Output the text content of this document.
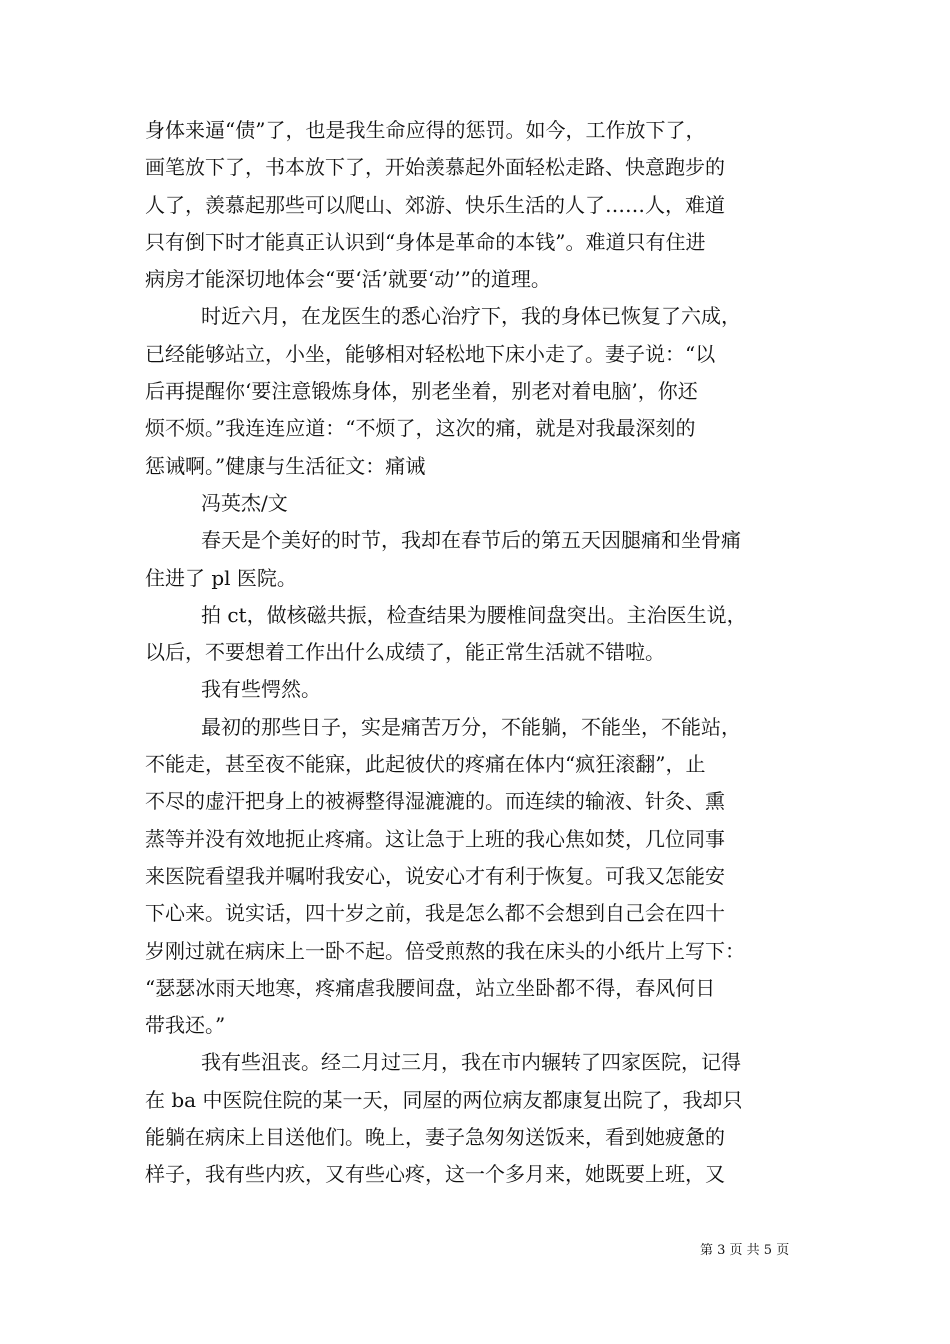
身体来逼“债”了，也是我生命应得的惩罚。如今，工作放下了，
画笔放下了，书本放下了，开始羡慕起外面轻松走路、快意跑步的
人了，羡慕起那些可以爬山、郊游、快乐生活的人了……人，难道
只有倒下时才能真正认识到“身体是革命的本钱”。难道只有住进
病房才能深切地体会“要‘活’就要‘动’”的道理。
时近六月，在龙医生的悉心治疗下，我的身体已恢复了六成，
已经能够站立，小坐，能够相对轻松地下床小走了。妻子说：“以
后再提醒你‘要注意锻炼身体，别老坐着，别老对着电脑’，你还
烦不烦。”我连连应道：“不烦了，这次的痛，就是对我最深刻的
惩诫啊。”健康与生活征文：痛诫
冯英杰/文
春天是个美好的时节，我却在春节后的第五天因腿痛和坐骨痛
住进了 pl 医院。
拍 ct，做核磁共振，检查结果为腰椎间盘突出。主治医生说，
以后，不要想着工作出什么成绩了，能正常生活就不错啦。
我有些愕然。
最初的那些日子，实是痛苦万分，不能躺，不能坐，不能站，
不能走，甚至夜不能寐，此起彼伏的疼痛在体内“疯狂滚翻”，止
不尽的虚汗把身上的被褥整得湿漉漉的。而连续的输液、针灸、熏
蒸等并没有效地扼止疼痛。这让急于上班的我心焦如焚，几位同事
来医院看望我并嘱咐我安心，说安心才有利于恢复。可我又怎能安
下心来。说实话，四十岁之前，我是怎么都不会想到自己会在四十
岁刚过就在病床上一卧不起。倍受煎熬的我在床头的小纸片上写下：
“瑟瑟冰雨天地寒，疼痛虐我腰间盘，站立坐卧都不得，春风何日
带我还。”
我有些沮丧。经二月过三月，我在市内辗转了四家医院，记得
在 ba 中医院住院的某一天，同屋的两位病友都康复出院了，我却只
能躺在病床上目送他们。晚上，妻子急匆匆送饭来，看到她疲惫的
样子，我有些内疚，又有些心疼，这一个多月来，她既要上班，又
第 3 页 共 5 页
